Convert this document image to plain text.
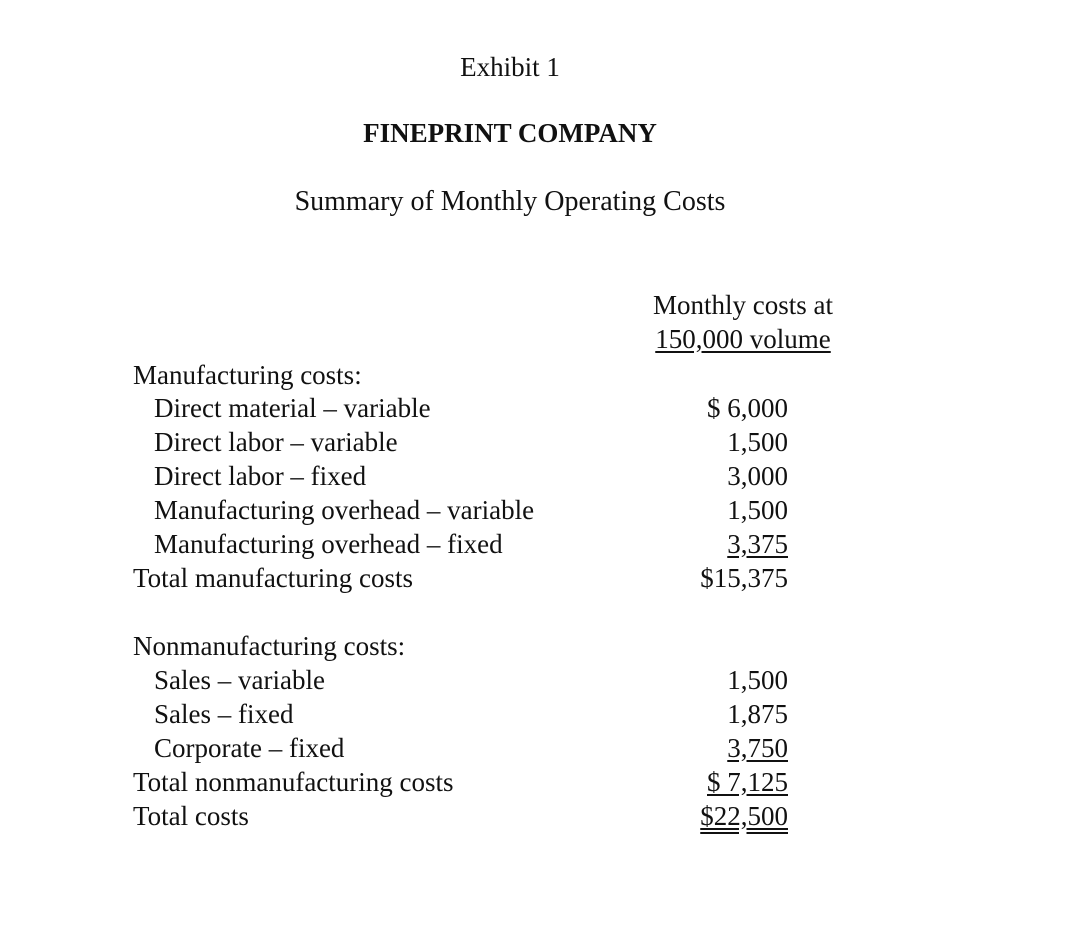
Exhibit 1
FINEPRINT COMPANY
Summary of Monthly Operating Costs
Monthly costs at
150,000 volume
Manufacturing costs:
Direct material – variable	$ 6,000
Direct labor – variable	1,500
Direct labor – fixed	3,000
Manufacturing overhead – variable	1,500
Manufacturing overhead – fixed	3,375
Total manufacturing costs	$15,375
Nonmanufacturing costs:
Sales – variable	1,500
Sales – fixed	1,875
Corporate – fixed	3,750
Total nonmanufacturing costs	$ 7,125
Total costs	$22,500
